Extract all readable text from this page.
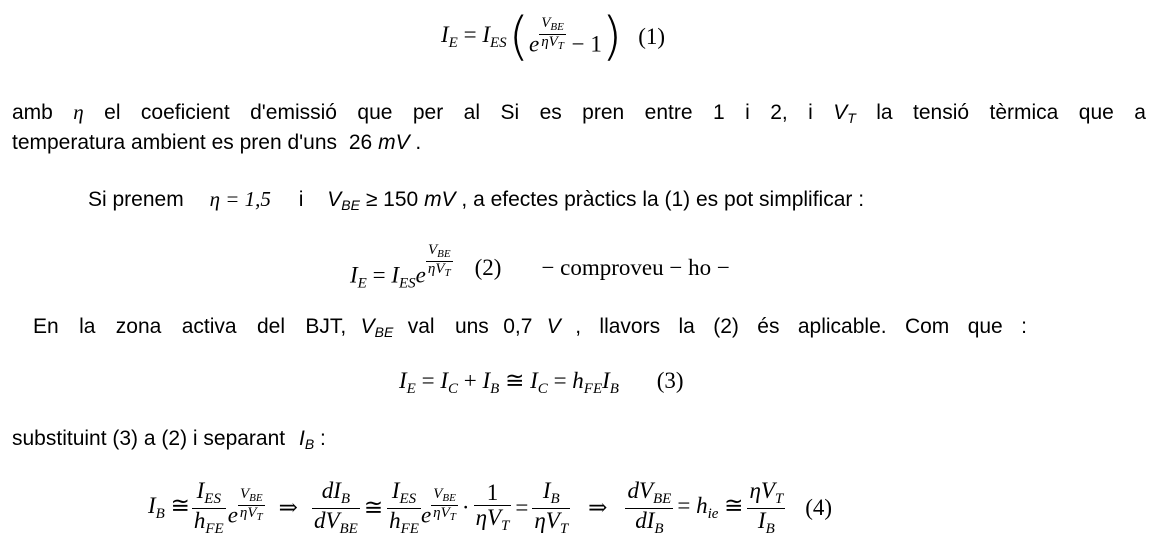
$I_E = I_{ES}$ ( e $\frac{V_{BE}}{\eta V_T} - 1$ ) (1)
amb η el coeficient d'emissió que per al Si es pren entre 1 i 2, i $V_T$ la tensió tèrmica que a
temperatura ambient es pren d'uns 26 mV .
Si prenem η = 1,5 i $V_{BE} \ge 150$ mV , a efectes pràctics la (1) es pot simplificar :
$I_E = I_{ES}e \frac{V_{BE}}{\eta V_T} (2)$ − comproveu − ho −
En la zona activa del BJT, $V_{BE}$ val uns 0,7 V , llavors la (2) és aplicable. Com que :
$I_E = I_C + I_B$ ≅ $I_C = h_{FE}I_B$ (3)
substituint (3) a (2) i separant $I_B$ :
$I_B$ ≅ $\frac{I_{ES}}{h_{FE}}$ e $\frac{V_{BE}}{\eta V_T}$ ⇒ $\frac{dI_B}{dV_{BE}}$ ≅ $\frac{I_{ES}}{h_{FE}}$ e $\frac{V_{BE}}{\eta V_T} \cdot \frac{1}{\eta V_T} = \frac{I_B}{\eta V_T}$ ⇒ $\frac{dV_{BE}}{dI_B} = h_{ie}$ ≅ $\frac{\eta V_T}{I_B} (4)$
